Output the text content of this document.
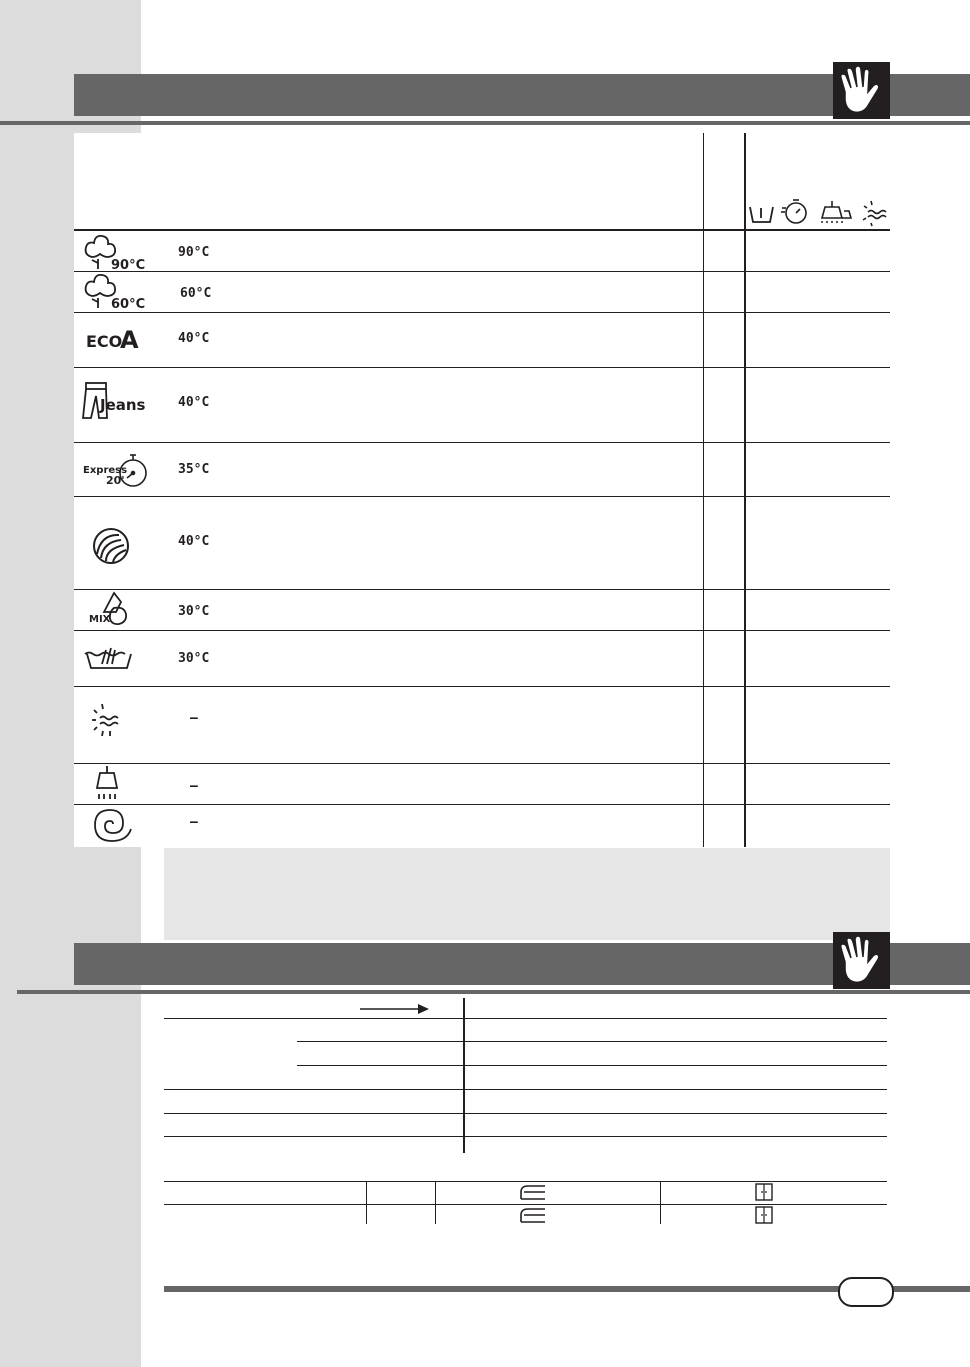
90°C
90°C
60°C
60°C
ECO
A	40°C
Jeans	40°C
Express
20'
35°C
40°C
MIX
30°C
30°C
–
–
–
